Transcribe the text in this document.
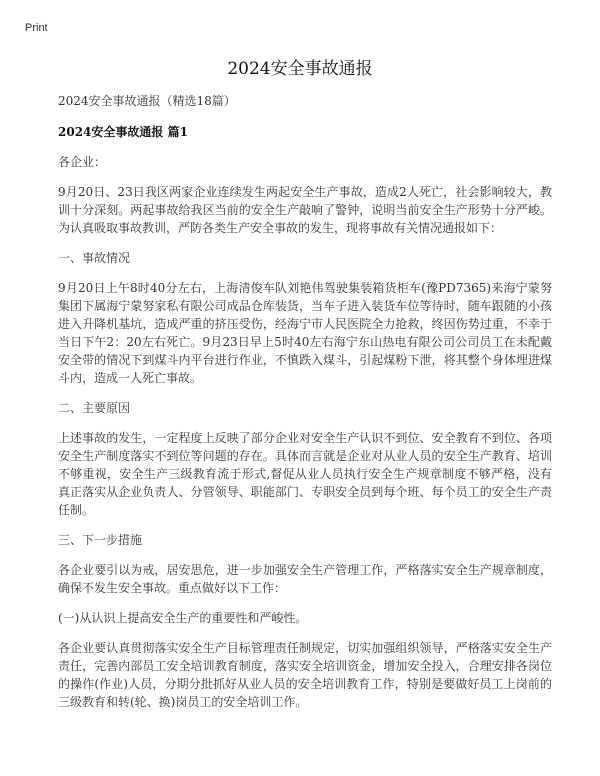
Print
2024安全事故通报

2024安全事故通报（精选18篇）

2024安全事故通报 篇1

各企业：

9月20日、23日我区两家企业连续发生两起安全生产事故，造成2人死亡，社会影响较大，教训十分深刻。两起事故给我区当前的安全生产敲响了警钟，说明当前安全生产形势十分严峻。为认真吸取事故教训，严防各类生产安全事故的发生，现将事故有关情况通报如下：

一、事故情况

9月20日上午8时40分左右，上海清俊车队刘艳伟驾驶集装箱货柜车(豫PD7365)来海宁蒙努集团下属海宁蒙努家私有限公司成品仓库装货，当车子进入装货车位等待时，随车跟随的小孩进入升降机基坑，造成严重的挤压受伤，经海宁市人民医院全力抢救，终因伤势过重，不幸于当日下午2：20左右死亡。9月23日早上5时40左右海宁东山热电有限公司公司员工在未配戴安全带的情况下到煤斗内平台进行作业，不慎跌入煤斗，引起煤粉下泄，将其整个身体埋进煤斗内，造成一人死亡事故。

二、主要原因

上述事故的发生，一定程度上反映了部分企业对安全生产认识不到位、安全教育不到位、各项安全生产制度落实不到位等问题的存在。具体而言就是企业对从业人员的安全生产教育、培训不够重视，安全生产三级教育流于形式,督促从业人员执行安全生产规章制度不够严格，没有真正落实从企业负责人、分管领导、职能部门、专职安全员到每个班、每个员工的安全生产责任制。

三、下一步措施

各企业要引以为戒，居安思危，进一步加强安全生产管理工作，严格落实安全生产规章制度，确保不发生安全事故。重点做好以下工作：

(一)从认识上提高安全生产的重要性和严峻性。

各企业要认真贯彻落实安全生产目标管理责任制规定，切实加强组织领导，严格落实安全生产责任，完善内部员工安全培训教育制度，落实安全培训资金，增加安全投入，合理安排各岗位的操作(作业)人员，分期分批抓好从业人员的安全培训教育工作，特别是要做好员工上岗前的三级教育和转(轮、换)岗员工的安全培训工作。
